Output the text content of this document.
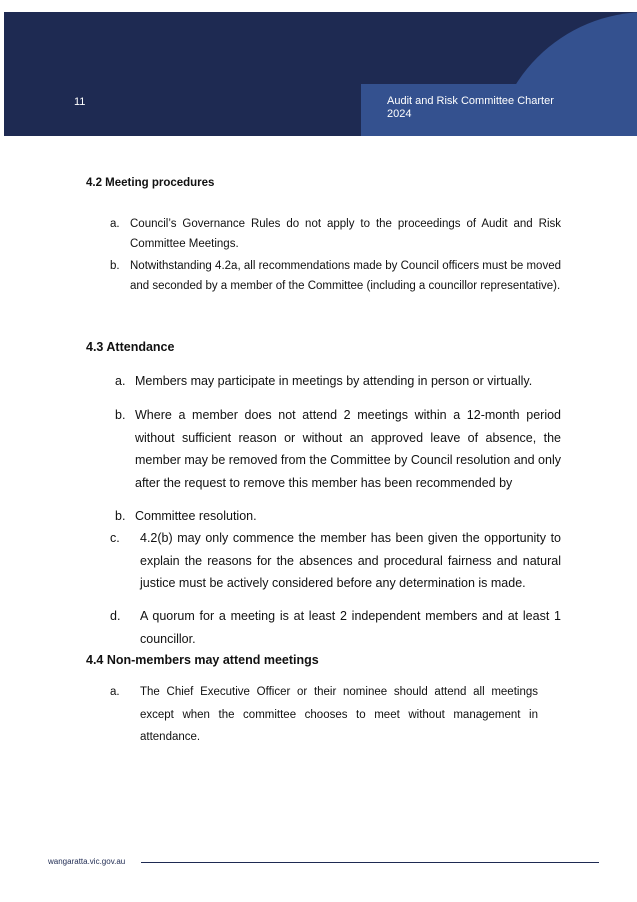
11	Audit and Risk Committee Charter
2024
4.2 Meeting procedures
a. Council’s Governance Rules do not apply to the proceedings of Audit and Risk Committee Meetings.
b. Notwithstanding 4.2a, all recommendations made by Council officers must be moved and seconded by a member of the Committee (including a councillor representative).
4.3 Attendance
a. Members may participate in meetings by attending in person or virtually.
b. Where a member does not attend 2 meetings within a 12-month period without sufficient reason or without an approved leave of absence, the member may be removed from the Committee by Council resolution and only after the request to remove this member has been recommended by
b. Committee resolution.
c. 4.2(b) may only commence the member has been given the opportunity to explain the reasons for the absences and procedural fairness and natural justice must be actively considered before any determination is made.
d. A quorum for a meeting is at least 2 independent members and at least 1 councillor.
4.4 Non-members may attend meetings
a. The Chief Executive Officer or their nominee should attend all meetings except when the committee chooses to meet without management in attendance.
wangaratta.vic.gov.au
